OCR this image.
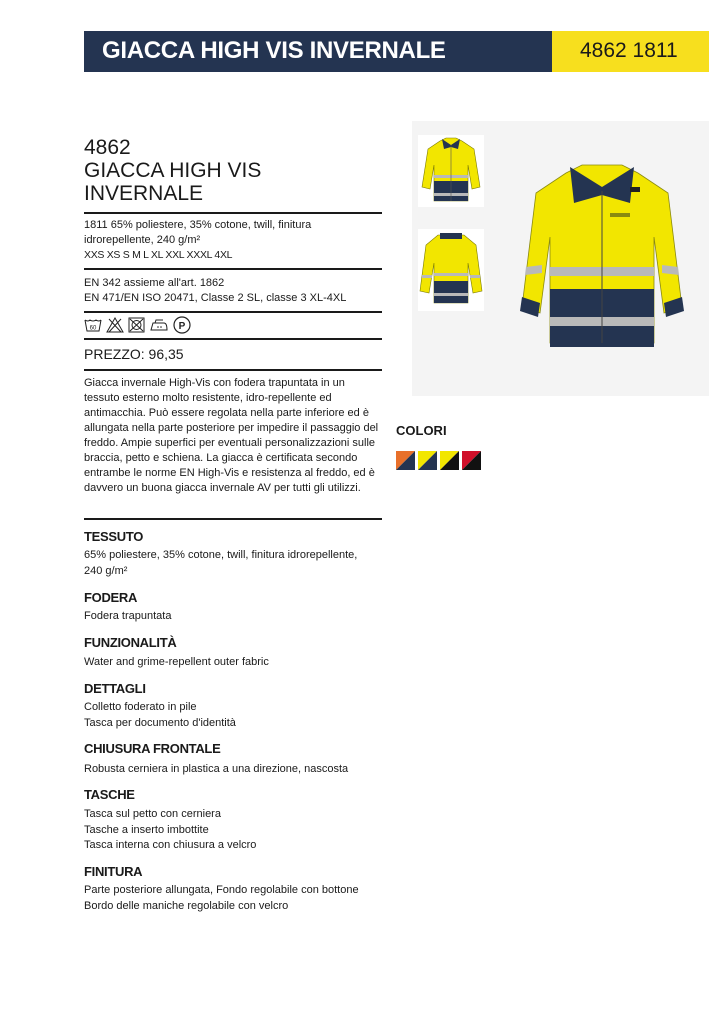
GIACCA HIGH VIS INVERNALE	4862 1811
4862
GIACCA HIGH VIS INVERNALE
1811 65% poliestere, 35% cotone, twill, finitura idrorepellente, 240 g/m²
XXS XS S M L XL XXL XXXL 4XL
EN 342 assieme all'art. 1862
EN 471/EN ISO 20471, Classe 2 SL, classe 3 XL-4XL
60	P
PREZZO: 96,35
Giacca invernale High-Vis con fodera trapuntata in un tessuto esterno molto resistente, idro-repellente ed antimacchia. Può essere regolata nella parte inferiore ed è allungata nella parte posteriore per impedire il passaggio del freddo. Ampie superfici per eventuali personalizzazioni sulle braccia, petto e schiena. La giacca è certificata secondo entrambe le norme EN High-Vis e resistenza al freddo, ed è davvero un buona giacca invernale AV per tutti gli utilizzi.
TESSUTO
65% poliestere, 35% cotone, twill, finitura idrorepellente,
240 g/m²
FODERA
Fodera trapuntata
FUNZIONALITÀ
Water and grime-repellent outer fabric
DETTAGLI
Colletto foderato in pile
Tasca per documento d'identità
CHIUSURA FRONTALE
Robusta cerniera in plastica a una direzione, nascosta
TASCHE
Tasca sul petto con cerniera
Tasche a inserto imbottite
Tasca interna con chiusura a velcro
FINITURA
Parte posteriore allungata, Fondo regolabile con bottone
Bordo delle maniche regolabile con velcro
COLORI
